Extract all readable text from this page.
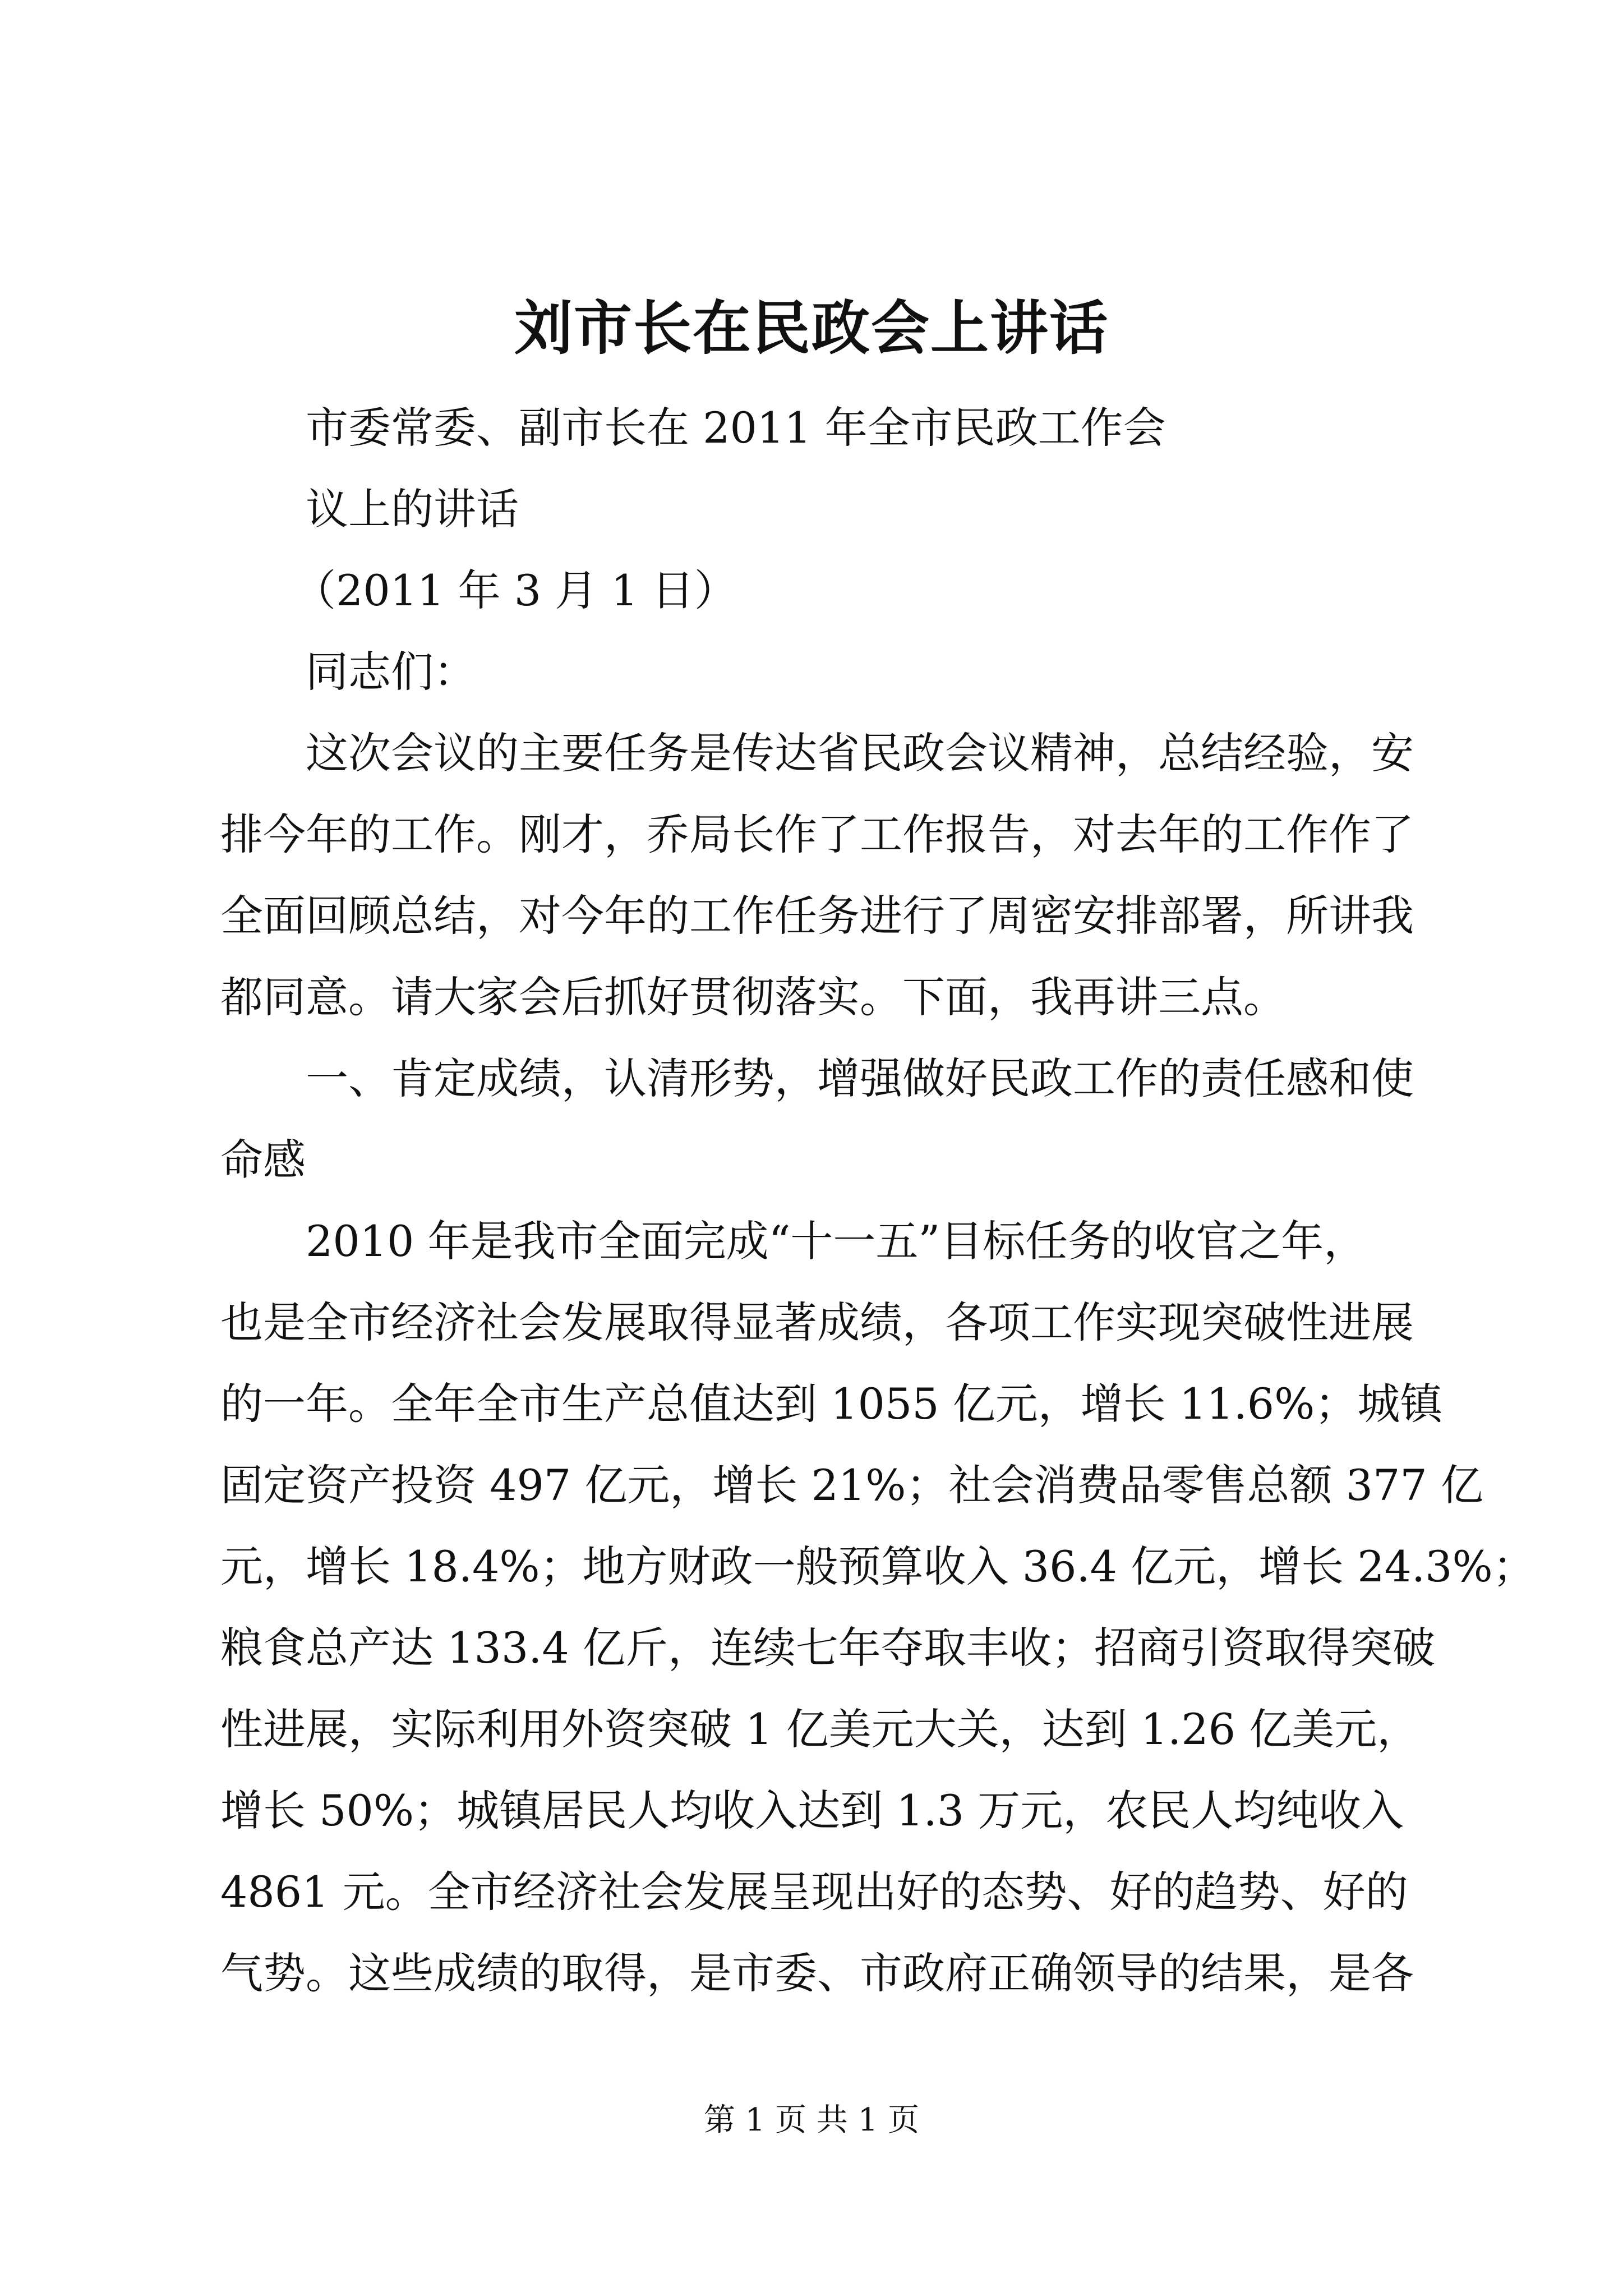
刘市长在民政会上讲话
市委常委、副市长在 2011 年全市民政工作会
议上的讲话
（2011 年 3 月 1 日）
同志们：
这次会议的主要任务是传达省民政会议精神，总结经验，安
排今年的工作。刚才，乔局长作了工作报告，对去年的工作作了
全面回顾总结，对今年的工作任务进行了周密安排部署，所讲我
都同意。请大家会后抓好贯彻落实。下面，我再讲三点。
一、肯定成绩，认清形势，增强做好民政工作的责任感和使
命感
2010 年是我市全面完成“十一五”目标任务的收官之年，
也是全市经济社会发展取得显著成绩，各项工作实现突破性进展
的一年。全年全市生产总值达到 1055 亿元，增长 11.6%；城镇
固定资产投资 497 亿元，增长 21%；社会消费品零售总额 377 亿
元，增长 18.4%；地方财政一般预算收入 36.4 亿元，增长 24.3%；
粮食总产达 133.4 亿斤，连续七年夺取丰收；招商引资取得突破
性进展，实际利用外资突破 1 亿美元大关，达到 1.26 亿美元，
增长 50%；城镇居民人均收入达到 1.3 万元，农民人均纯收入
4861 元。全市经济社会发展呈现出好的态势、好的趋势、好的
气势。这些成绩的取得，是市委、市政府正确领导的结果，是各
第 1 页 共 1 页
